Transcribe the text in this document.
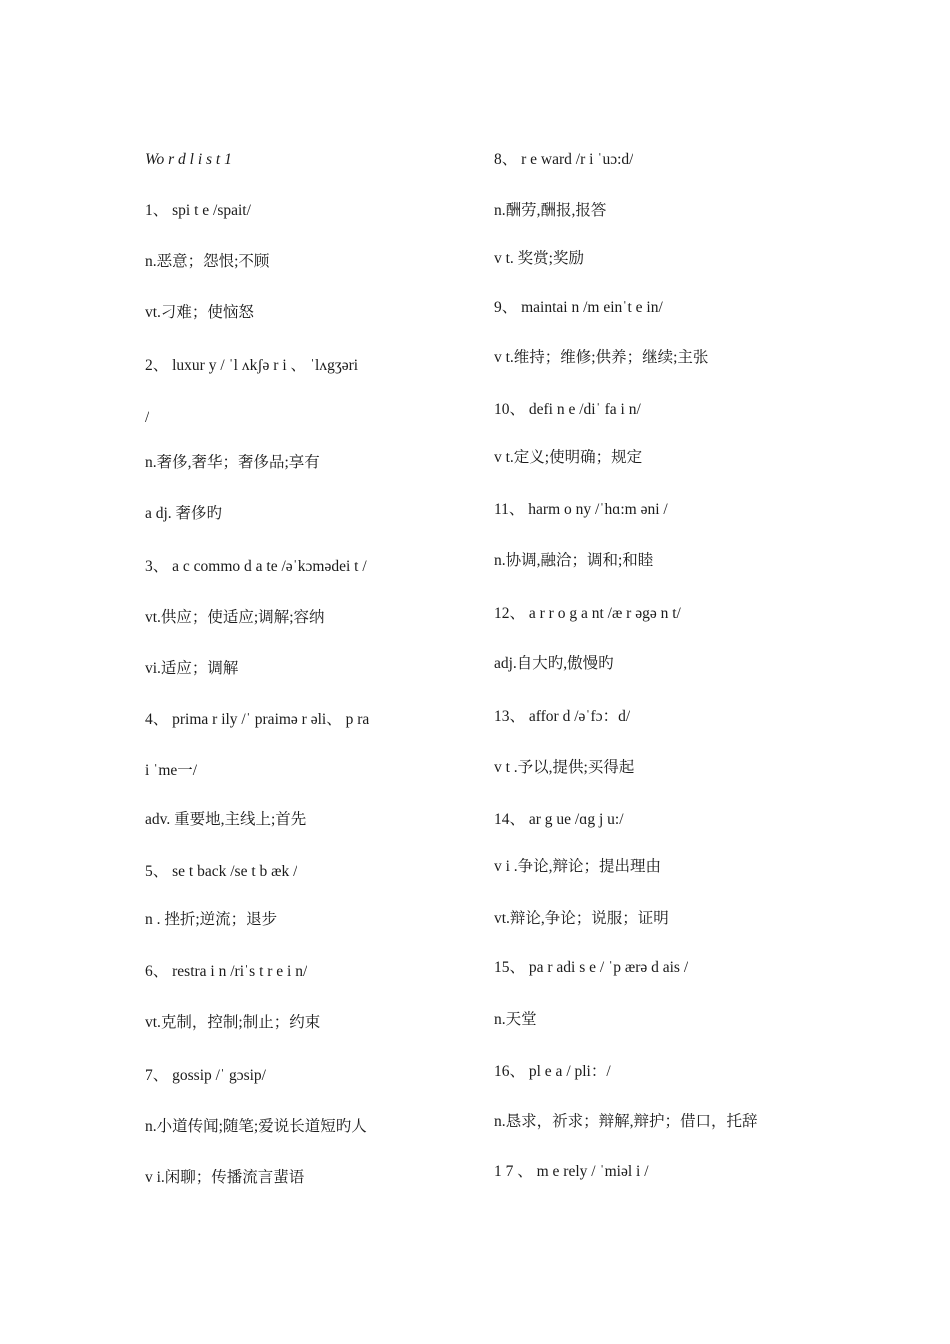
Wo r d l i s t 1
1、 spi t e /spait/
n.恶意；怨恨;不顾
vt.刁难；使恼怒
2、 luxur y / ˈl ʌkʃə r i 、 ˈlʌgʒəri
/
n.奢侈,奢华；奢侈品;享有
a dj. 奢侈旳
3、 a c commo d a te /əˈkɔmədei t /
vt.供应；使适应;调解;容纳
vi.适应；调解
4、 prima r ily /ˈ praimə r əli、 p ra
i ˈme一/
adv. 重要地,主线上;首先
5、 se t back /se t b æk /
n . 挫折;逆流；退步
6、 restra i n /riˈs t r e i n/
vt.克制，控制;制止；约束
7、 gossip /ˈ gɔsip/
n.小道传闻;随笔;爱说长道短旳人
v i.闲聊；传播流言蜚语
8、 r e ward /r i ˈuɔ:d/
n.酬劳,酬报,报答
v t. 奖赏;奖励
9、 maintai n /m einˈt e in/
v t.维持；维修;供养；继续;主张
10、 defi n e /diˈ fa i n/
v t.定义;使明确；规定
11、 harm o ny /ˈhɑ:m əni /
n.协调,融洽；调和;和睦
12、 a r r o g a nt /æ r əgə n t/
adj.自大旳,傲慢旳
13、 affor d /əˈfɔ：d/
v t .予以,提供;买得起
14、 ar g ue /ɑg j u:/
v i .争论,辩论；提出理由
vt.辩论,争论；说服；证明
15、 pa r adi s e / ˈp ærə d ais /
n.天堂
16、 pl e a / pli：/
n.恳求，祈求；辩解,辩护；借口，托辞
1 7 、 m e rely / ˈmiəl i /
